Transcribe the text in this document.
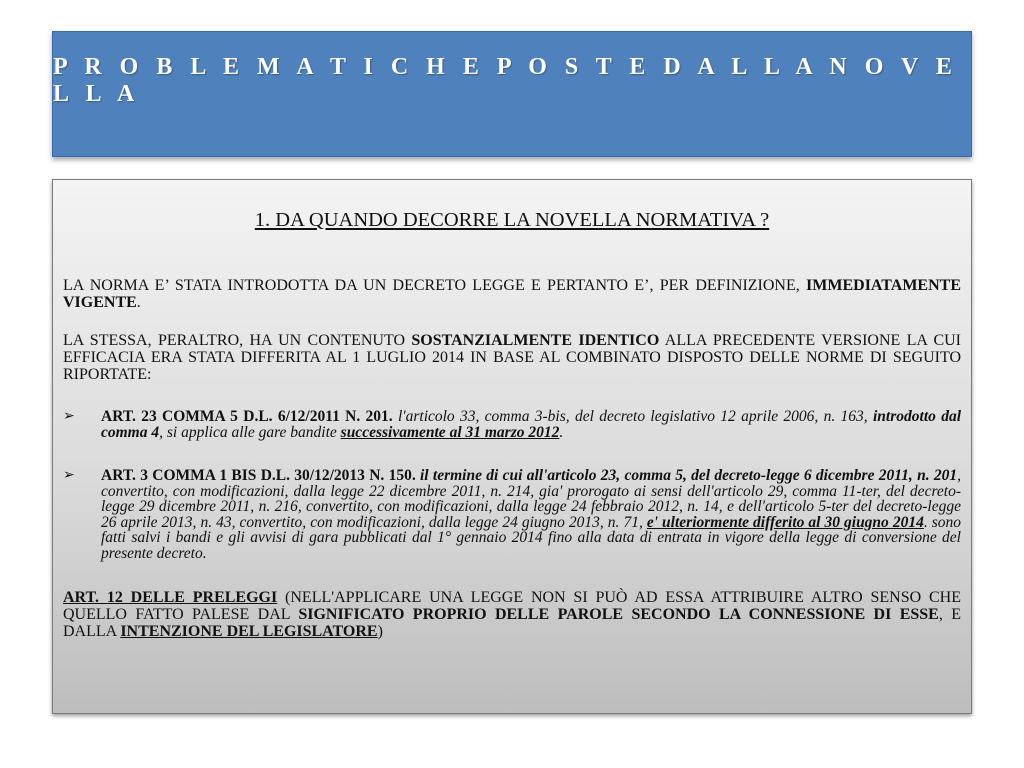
P R O B L E M A T I C H E P O S T E D A L L A N O V E L L A
1. DA QUANDO DECORRE LA NOVELLA NORMATIVA ?
LA NORMA E’ STATA INTRODOTTA DA UN DECRETO LEGGE E PERTANTO E’, PER DEFINIZIONE, IMMEDIATAMENTE VIGENTE.
LA STESSA, PERALTRO, HA UN CONTENUTO SOSTANZIALMENTE IDENTICO ALLA PRECEDENTE VERSIONE LA CUI EFFICACIA ERA STATA DIFFERITA AL 1 LUGLIO 2014 IN BASE AL COMBINATO DISPOSTO DELLE NORME DI SEGUITO RIPORTATE:
➢ ART. 23 COMMA 5 D.L. 6/12/2011 N. 201. l'articolo 33, comma 3-bis, del decreto legislativo 12 aprile 2006, n. 163, introdotto dal comma 4, si applica alle gare bandite successivamente al 31 marzo 2012.
➢ ART. 3 COMMA 1 BIS D.L. 30/12/2013 N. 150. il termine di cui all'articolo 23, comma 5, del decreto-legge 6 dicembre 2011, n. 201, convertito, con modificazioni, dalla legge 22 dicembre 2011, n. 214, gia' prorogato ai sensi dell'articolo 29, comma 11-ter, del decreto-legge 29 dicembre 2011, n. 216, convertito, con modificazioni, dalla legge 24 febbraio 2012, n. 14, e dell'articolo 5-ter del decreto-legge 26 aprile 2013, n. 43, convertito, con modificazioni, dalla legge 24 giugno 2013, n. 71, e' ulteriormente differito al 30 giugno 2014. sono fatti salvi i bandi e gli avvisi di gara pubblicati dal 1° gennaio 2014 fino alla data di entrata in vigore della legge di conversione del presente decreto.
ART. 12 DELLE PRELEGGI (NELL'APPLICARE UNA LEGGE NON SI PUÒ AD ESSA ATTRIBUIRE ALTRO SENSO CHE QUELLO FATTO PALESE DAL SIGNIFICATO PROPRIO DELLE PAROLE SECONDO LA CONNESSIONE DI ESSE, E DALLA INTENZIONE DEL LEGISLATORE)
